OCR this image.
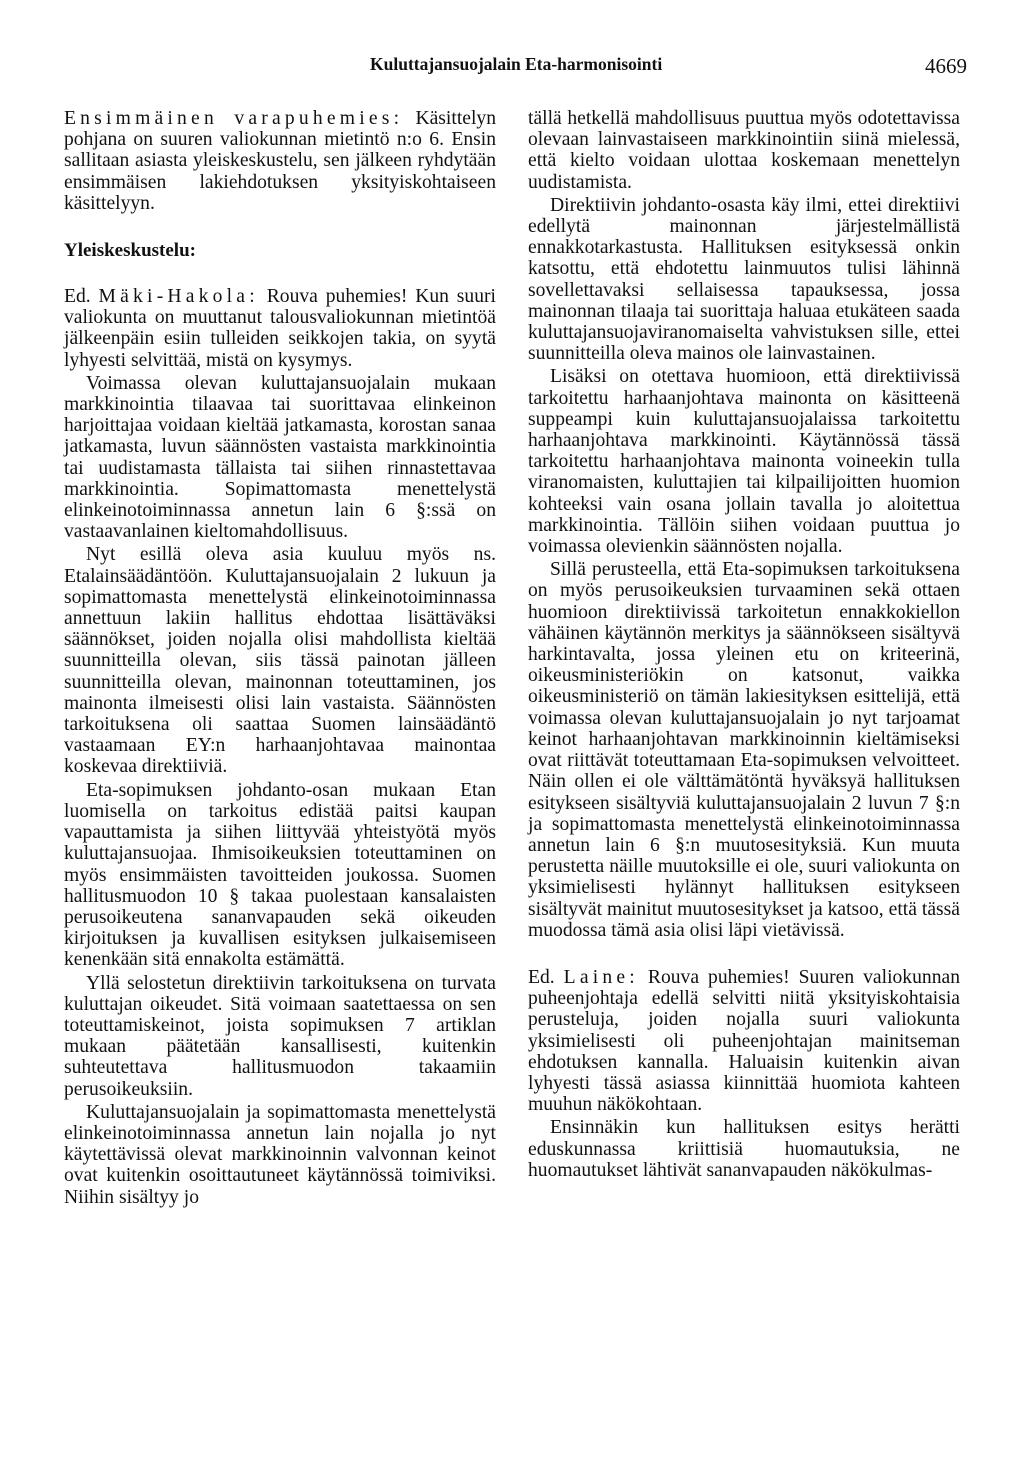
Kuluttajansuojalain Eta-harmonisointi	4669

Ensimmäinen varapuhemies: Käsittelyn pohjana on suuren valiokunnan mietintö n:o 6. Ensin sallitaan asiasta yleiskeskustelu, sen jälkeen ryhdytään ensimmäisen lakiehdotuksen yksityiskohtaiseen käsittelyyn.

Yleiskeskustelu:

Ed. Mäki-Hakola: Rouva puhemies! Kun suuri valiokunta on muuttanut talousvaliokunnan mietintöä jälkeenpäin esiin tulleiden seikkojen takia, on syytä lyhyesti selvittää, mistä on kysymys.

Voimassa olevan kuluttajansuojalain mukaan markkinointia tilaavaa tai suorittavaa elinkeinon harjoittajaa voidaan kieltää jatkamasta, korostan sanaa jatkamasta, luvun säännösten vastaista markkinointia tai uudistamasta tällaista tai siihen rinnastettavaa markkinointia. Sopimattomasta menettelystä elinkeinotoiminnassa annetun lain 6 §:ssä on vastaavanlainen kieltomahdollisuus.

Nyt esillä oleva asia kuuluu myös ns. Etalainsäädäntöön. Kuluttajansuojalain 2 lukuun ja sopimattomasta menettelystä elinkeinotoiminnassa annettuun lakiin hallitus ehdottaa lisättäväksi säännökset, joiden nojalla olisi mahdollista kieltää suunnitteilla olevan, siis tässä painotan jälleen suunnitteilla olevan, mainonnan toteuttaminen, jos mainonta ilmeisesti olisi lain vastaista. Säännösten tarkoituksena oli saattaa Suomen lainsäädäntö vastaamaan EY:n harhaanjohtavaa mainontaa koskevaa direktiiviä.

Eta-sopimuksen johdanto-osan mukaan Etan luomisella on tarkoitus edistää paitsi kaupan vapauttamista ja siihen liittyvää yhteistyötä myös kuluttajansuojaa. Ihmisoikeuksien toteuttaminen on myös ensimmäisten tavoitteiden joukossa. Suomen hallitusmuodon 10 § takaa puolestaan kansalaisten perusoikeutena sananvapauden sekä oikeuden kirjoituksen ja kuvallisen esityksen julkaisemiseen kenenkään sitä ennakolta estämättä.

Yllä selostetun direktiivin tarkoituksena on turvata kuluttajan oikeudet. Sitä voimaan saatettaessa on sen toteuttamiskeinot, joista sopimuksen 7 artiklan mukaan päätetään kansallisesti, kuitenkin suhteutettava hallitusmuodon takaamiin perusoikeuksiin.

Kuluttajansuojalain ja sopimattomasta menettelystä elinkeinotoiminnassa annetun lain nojalla jo nyt käytettävissä olevat markkinoinnin valvonnan keinot ovat kuitenkin osoittautuneet käytännössä toimiviksi. Niihin sisältyy jo

tällä hetkellä mahdollisuus puuttua myös odotettavissa olevaan lainvastaiseen markkinointiin siinä mielessä, että kielto voidaan ulottaa koskemaan menettelyn uudistamista.

Direktiivin johdanto-osasta käy ilmi, ettei direktiivi edellytä mainonnan järjestelmällistä ennakkotarkastusta. Hallituksen esityksessä onkin katsottu, että ehdotettu lainmuutos tulisi lähinnä sovellettavaksi sellaisessa tapauksessa, jossa mainonnan tilaaja tai suorittaja haluaa etukäteen saada kuluttajansuojaviranomaiselta vahvistuksen sille, ettei suunnitteilla oleva mainos ole lainvastainen.

Lisäksi on otettava huomioon, että direktiivissä tarkoitettu harhaanjohtava mainonta on käsitteenä suppeampi kuin kuluttajansuojalaissa tarkoitettu harhaanjohtava markkinointi. Käytännössä tässä tarkoitettu harhaanjohtava mainonta voineekin tulla viranomaisten, kuluttajien tai kilpailijoitten huomion kohteeksi vain osana jollain tavalla jo aloitettua markkinointia. Tällöin siihen voidaan puuttua jo voimassa olevienkin säännösten nojalla.

Sillä perusteella, että Eta-sopimuksen tarkoituksena on myös perusoikeuksien turvaaminen sekä ottaen huomioon direktiivissä tarkoitetun ennakkokiellon vähäinen käytännön merkitys ja säännökseen sisältyvä harkintavalta, jossa yleinen etu on kriteerinä, oikeusministeriökin on katsonut, vaikka oikeusministeriö on tämän lakiesityksen esittelijä, että voimassa olevan kuluttajansuojalain jo nyt tarjoamat keinot harhaanjohtavan markkinoinnin kieltämiseksi ovat riittävät toteuttamaan Eta-sopimuksen velvoitteet. Näin ollen ei ole välttämätöntä hyväksyä hallituksen esitykseen sisältyviä kuluttajansuojalain 2 luvun 7 §:n ja sopimattomasta menettelystä elinkeinotoiminnassa annetun lain 6 §:n muutosesityksiä. Kun muuta perustetta näille muutoksille ei ole, suuri valiokunta on yksimielisesti hylännyt hallituksen esitykseen sisältyvät mainitut muutosesitykset ja katsoo, että tässä muodossa tämä asia olisi läpi vietävissä.

Ed. Laine: Rouva puhemies! Suuren valiokunnan puheenjohtaja edellä selvitti niitä yksityiskohtaisia perusteluja, joiden nojalla suuri valiokunta yksimielisesti oli puheenjohtajan mainitseman ehdotuksen kannalla. Haluaisin kuitenkin aivan lyhyesti tässä asiassa kiinnittää huomiota kahteen muuhun näkökohtaan.

Ensinnäkin kun hallituksen esitys herätti eduskunnassa kriittisiä huomautuksia, ne huomautukset lähtivät sananvapauden näkökulmas-
